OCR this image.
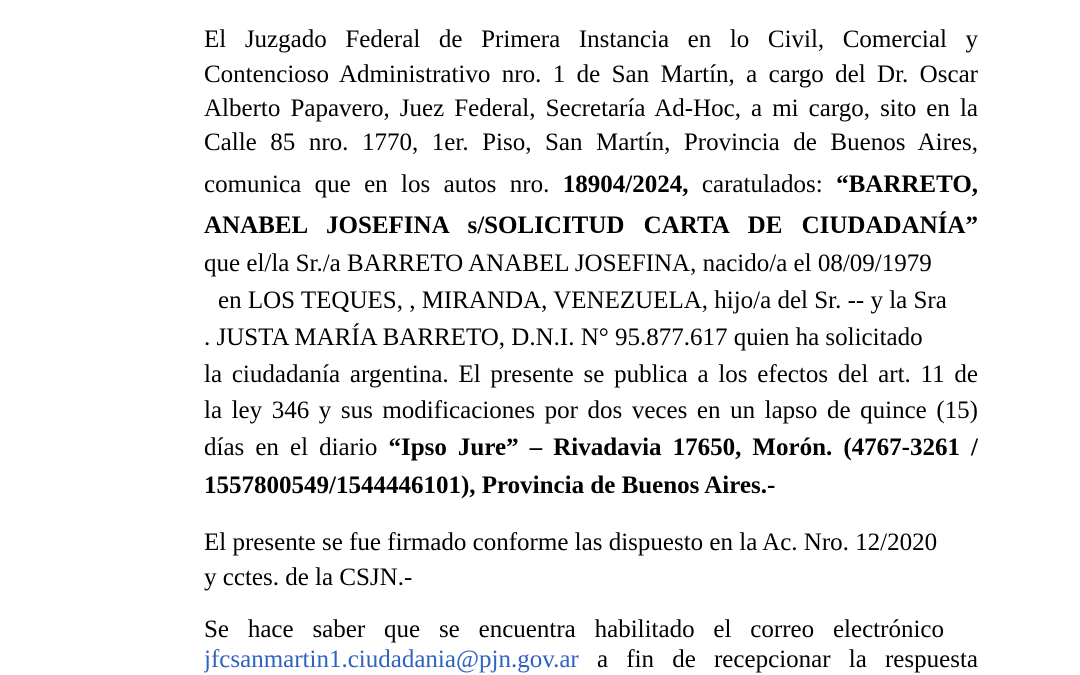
El Juzgado Federal de Primera Instancia en lo Civil, Comercial y
Contencioso Administrativo nro. 1 de San Martín, a cargo del Dr. Oscar
Alberto Papavero, Juez Federal, Secretaría Ad-Hoc, a mi cargo, sito en la
Calle 85 nro. 1770, 1er. Piso, San Martín, Provincia de Buenos Aires,
comunica que en los autos nro. 18904/2024, caratulados: “BARRETO,
ANABEL JOSEFINA s/SOLICITUD CARTA DE CIUDADANÍA”
que el/la Sr./a BARRETO ANABEL JOSEFINA, nacido/a el 08/09/1979
en LOS TEQUES, , MIRANDA, VENEZUELA, hijo/a del Sr. -- y la Sra
. JUSTA MARÍA BARRETO, D.N.I. N° 95.877.617 quien ha solicitado
la ciudadanía argentina. El presente se publica a los efectos del art. 11 de
la ley 346 y sus modificaciones por dos veces en un lapso de quince (15)
días en el diario “Ipso Jure” – Rivadavia 17650, Morón. (4767-3261 /
1557800549/1544446101), Provincia de Buenos Aires.-
El presente se fue firmado conforme las dispuesto en la Ac. Nro. 12/2020
y cctes. de la CSJN.-
Se hace saber que se encuentra habilitado el correo electrónico
jfcsanmartin1.ciudadania@pjn.gov.ar a fin de recepcionar la respuesta
